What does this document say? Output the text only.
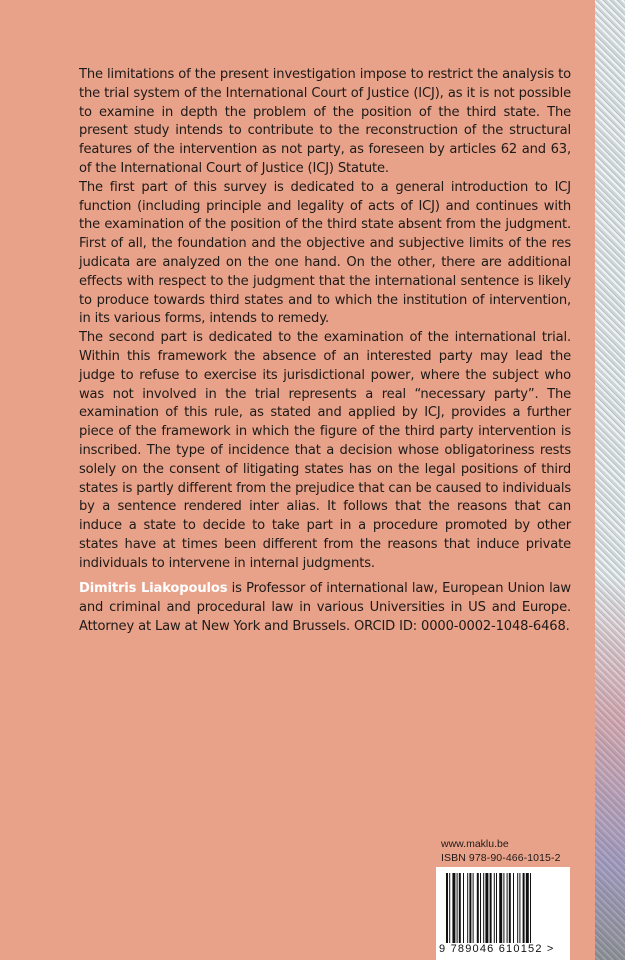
The limitations of the present investigation impose to restrict the analysis to the trial system of the International Court of Justice (ICJ), as it is not possible to examine in depth the problem of the position of the third state. The present study intends to contribute to the reconstruction of the structural features of the intervention as not party, as foreseen by articles 62 and 63, of the International Court of Justice (ICJ) Statute.

The first part of this survey is dedicated to a general introduction to ICJ function (including principle and legality of acts of ICJ) and continues with the examination of the position of the third state absent from the judgment. First of all, the foundation and the objective and subjective limits of the res judicata are analyzed on the one hand. On the other, there are additional effects with respect to the judgment that the international sentence is likely to produce towards third states and to which the institution of intervention, in its various forms, intends to remedy.

The second part is dedicated to the examination of the international trial. Within this framework the absence of an interested party may lead the judge to refuse to exercise its jurisdictional power, where the subject who was not involved in the trial represents a real “necessary party”. The examination of this rule, as stated and applied by ICJ, provides a further piece of the framework in which the figure of the third party intervention is inscribed. The type of incidence that a decision whose obligatoriness rests solely on the consent of litigating states has on the legal positions of third states is partly different from the prejudice that can be caused to individuals by a sentence rendered inter alias. It follows that the reasons that can induce a state to decide to take part in a procedure promoted by other states have at times been different from the reasons that induce private individuals to intervene in internal judgments.

Dimitris Liakopoulos is Professor of international law, European Union law and criminal and procedural law in various Universities in US and Europe. Attorney at Law at New York and Brussels. ORCID ID: 0000-0002-1048-6468.
www.maklu.be
ISBN 978-90-466-1015-2
9 789046 610152 >
